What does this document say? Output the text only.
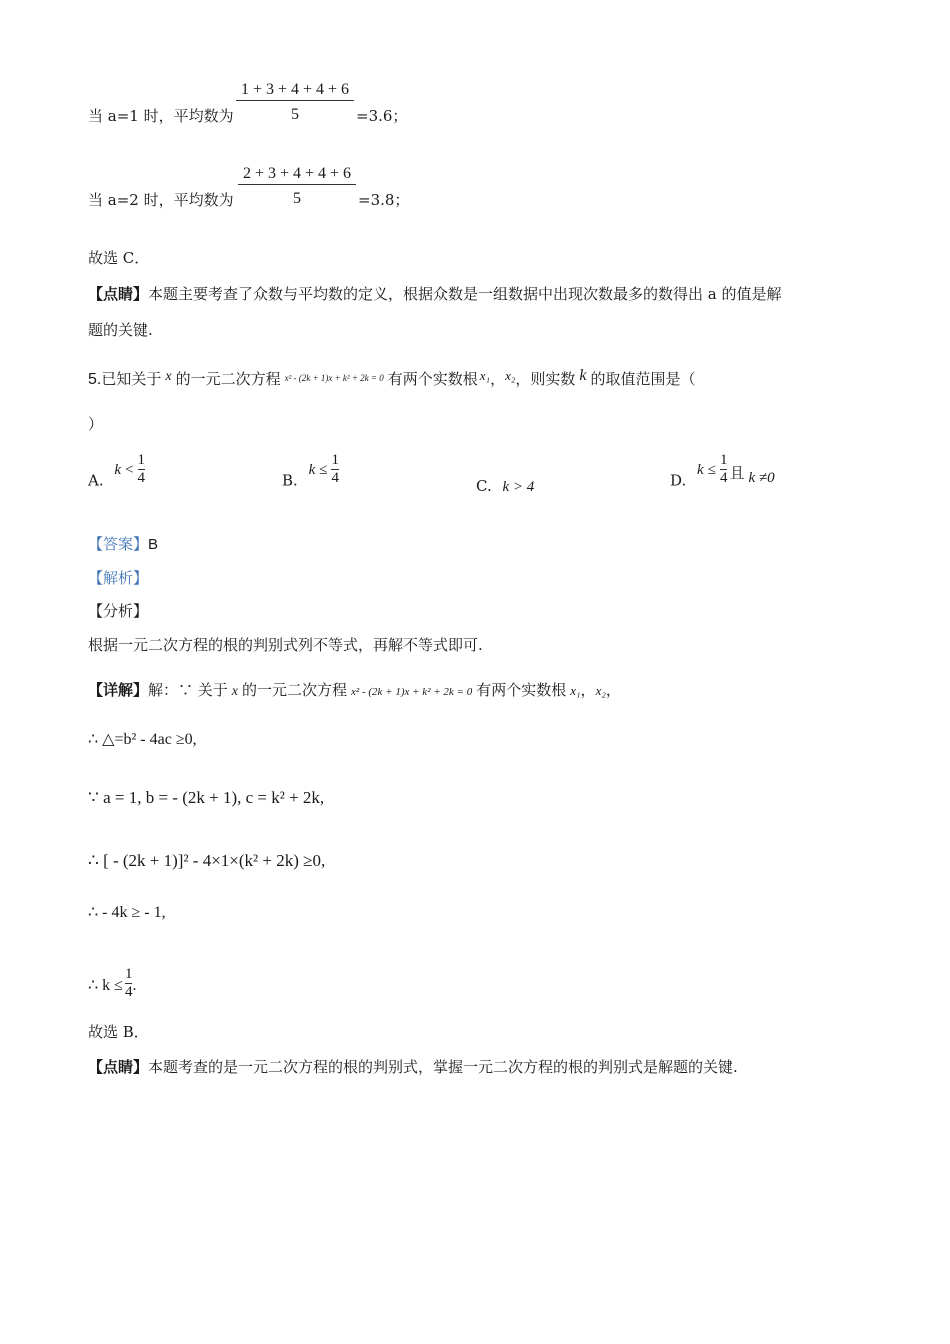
当 a=1 时，平均数为
1 + 3 + 4 + 4 + 6
5	=3.6；
当 a=2 时，平均数为
2 + 3 + 4 + 4 + 6
5	=3.8；
故选 C．
【点睛】本题主要考查了众数与平均数的定义，根据众数是一组数据中出现次数最多的数得出 a 的值是解
题的关键.
5.已知关于 x 的一元二次方程 $^{x^2 - (2k + 1)x + k^2 + 2k = 0}$ 有两个实数根 x₁，x₂，则实数 k 的取值范围是（
）
A. $k < \frac{1}{4}$	B. $k \le \frac{1}{4}$	C. k > 4	D. $k \le \frac{1}{4}$ 且 k ≠0
【答案】B
【解析】
【分析】
根据一元二次方程的根的判别式列不等式，再解不等式即可.
【详解】解：∵ 关于 x 的一元二次方程 x² - (2k + 1)x + k² + 2k = 0 有两个实数根 x₁，x₂，
∴ △=b² - 4ac ≥0,
∵ a = 1, b = - (2k + 1), c = k² + 2k,
∴ [ - (2k + 1)]² - 4×1×(k² + 2k) ≥0,
∴ - 4k ≥ - 1,
∴ $k \le \frac{1}{4}$ .
故选 B．
【点睛】本题考查的是一元二次方程的根的判别式，掌握一元二次方程的根的判别式是解题的关键.
